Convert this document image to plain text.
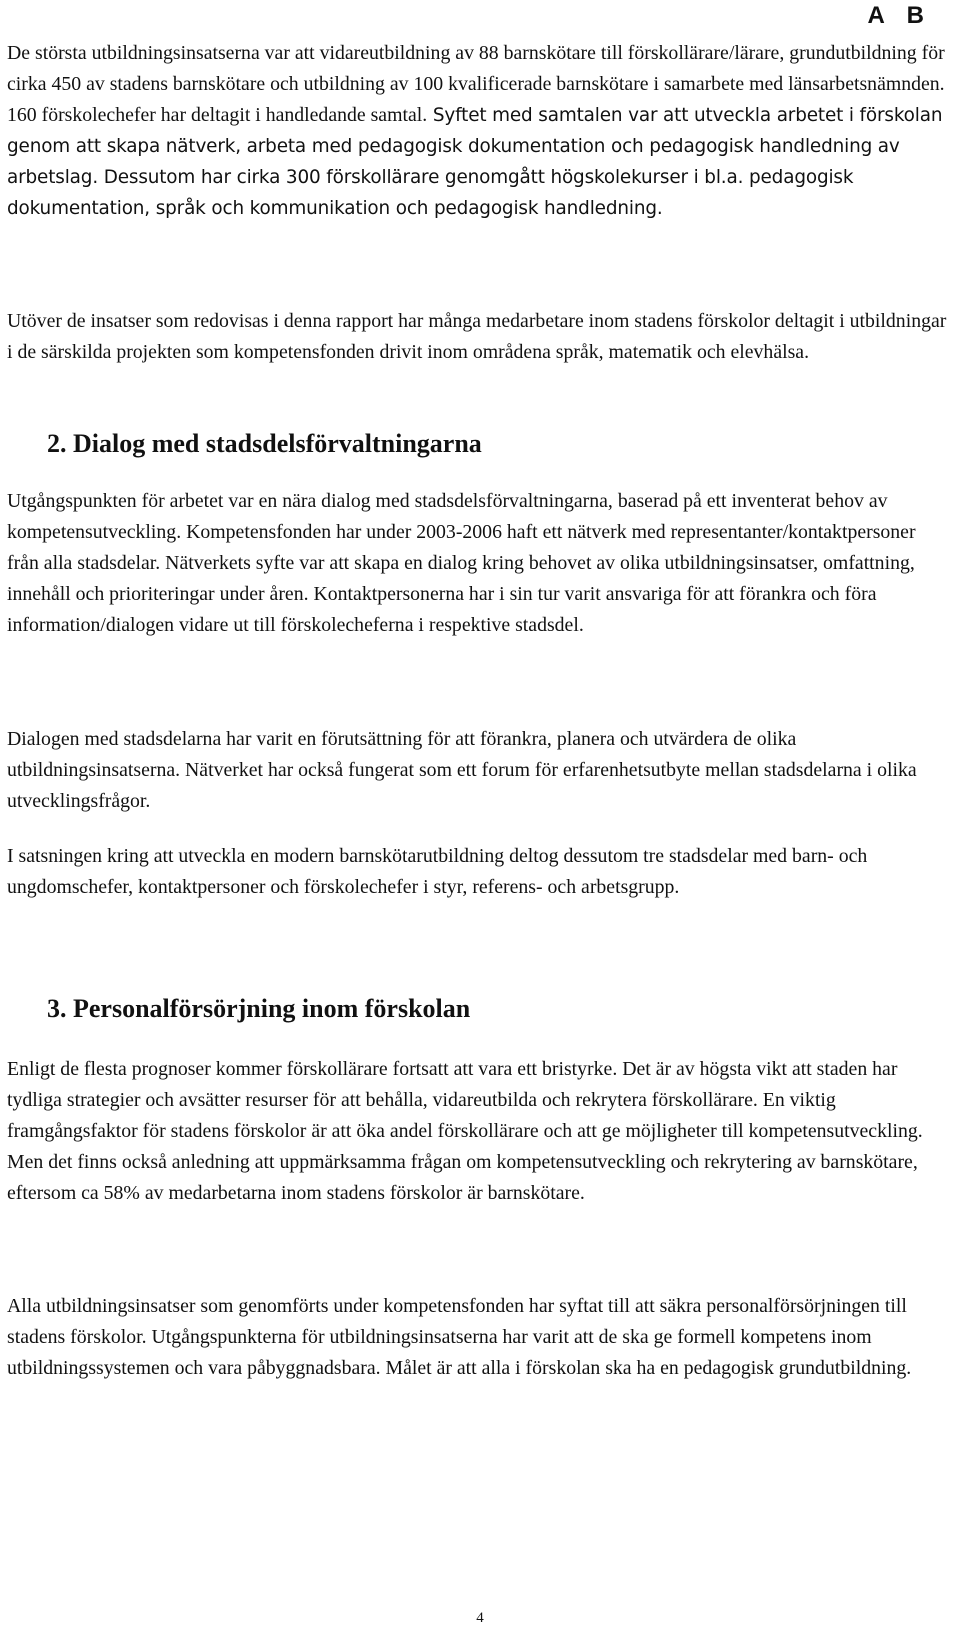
A B

De största utbildningsinsatserna var att vidareutbildning av 88 barnskötare till förskollärare/lärare, grundutbildning för cirka 450 av stadens barnskötare och utbildning av 100 kvalificerade barnskötare i samarbete med länsarbetsnämnden. 160 förskolechefer har deltagit i handledande samtal. Syftet med samtalen var att utveckla arbetet i förskolan genom att skapa nätverk, arbeta med pedagogisk dokumentation och pedagogisk handledning av arbetslag. Dessutom har cirka 300 förskollärare genomgått högskolekurser i bl.a. pedagogisk dokumentation, språk och kommunikation och pedagogisk handledning.

Utöver de insatser som redovisas i denna rapport har många medarbetare inom stadens förskolor deltagit i utbildningar i de särskilda projekten som kompetensfonden drivit inom områdena språk, matematik och elevhälsa.

2. Dialog med stadsdelsförvaltningarna

Utgångspunkten för arbetet var en nära dialog med stadsdelsförvaltningarna, baserad på ett inventerat behov av kompetensutveckling. Kompetensfonden har under 2003-2006 haft ett nätverk med representanter/kontaktpersoner från alla stadsdelar. Nätverkets syfte var att skapa en dialog kring behovet av olika utbildningsinsatser, omfattning, innehåll och prioriteringar under åren. Kontaktpersonerna har i sin tur varit ansvariga för att förankra och föra information/dialogen vidare ut till förskolecheferna i respektive stadsdel.

Dialogen med stadsdelarna har varit en förutsättning för att förankra, planera och utvärdera de olika utbildningsinsatserna. Nätverket har också fungerat som ett forum för erfarenhetsutbyte mellan stadsdelarna i olika utvecklingsfrågor.

I satsningen kring att utveckla en modern barnskötarutbildning deltog dessutom tre stadsdelar med barn- och ungdomschefer, kontaktpersoner och förskolechefer i styr, referens- och arbetsgrupp.

3. Personalförsörjning inom förskolan

Enligt de flesta prognoser kommer förskollärare fortsatt att vara ett bristyrke. Det är av högsta vikt att staden har tydliga strategier och avsätter resurser för att behålla, vidareutbilda och rekrytera förskollärare. En viktig framgångsfaktor för stadens förskolor är att öka andel förskollärare och att ge möjligheter till kompetensutveckling. Men det finns också anledning att uppmärksamma frågan om kompetensutveckling och rekrytering av barnskötare, eftersom ca 58% av medarbetarna inom stadens förskolor är barnskötare.

Alla utbildningsinsatser som genomförts under kompetensfonden har syftat till att säkra personalförsörjningen till stadens förskolor. Utgångspunkterna för utbildningsinsatserna har varit att de ska ge formell kompetens inom utbildningssystemen och vara påbyggnadsbara. Målet är att alla i förskolan ska ha en pedagogisk grundutbildning.

4
